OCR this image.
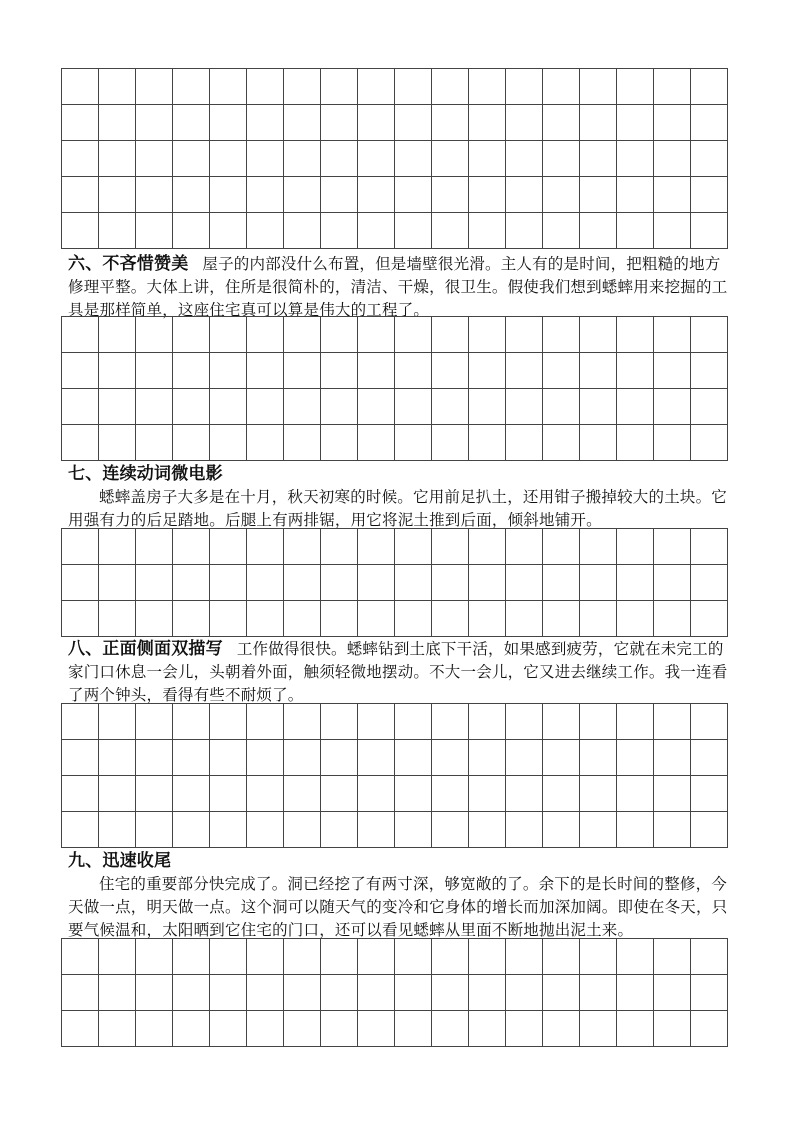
六、不吝惜赞美 屋子的内部没什么布置，但是墙壁很光滑。主人有的是时间，把粗糙的地方修理平整。大体上讲，住所是很简朴的，清洁、干燥，很卫生。假使我们想到蟋蟀用来挖掘的工具是那样简单，这座住宅真可以算是伟大的工程了。

七、连续动词微电影
蟋蟀盖房子大多是在十月，秋天初寒的时候。它用前足扒土，还用钳子搬掉较大的土块。它用强有力的后足踏地。后腿上有两排锯，用它将泥土推到后面，倾斜地铺开。

八、正面侧面双描写 工作做得很快。蟋蟀钻到土底下干活，如果感到疲劳，它就在未完工的家门口休息一会儿，头朝着外面，触须轻微地摆动。不大一会儿，它又进去继续工作。我一连看了两个钟头，看得有些不耐烦了。

九、迅速收尾
住宅的重要部分快完成了。洞已经挖了有两寸深，够宽敞的了。余下的是长时间的整修，今天做一点，明天做一点。这个洞可以随天气的变冷和它身体的增长而加深加阔。即使在冬天，只要气候温和，太阳晒到它住宅的门口，还可以看见蟋蟀从里面不断地抛出泥土来。
